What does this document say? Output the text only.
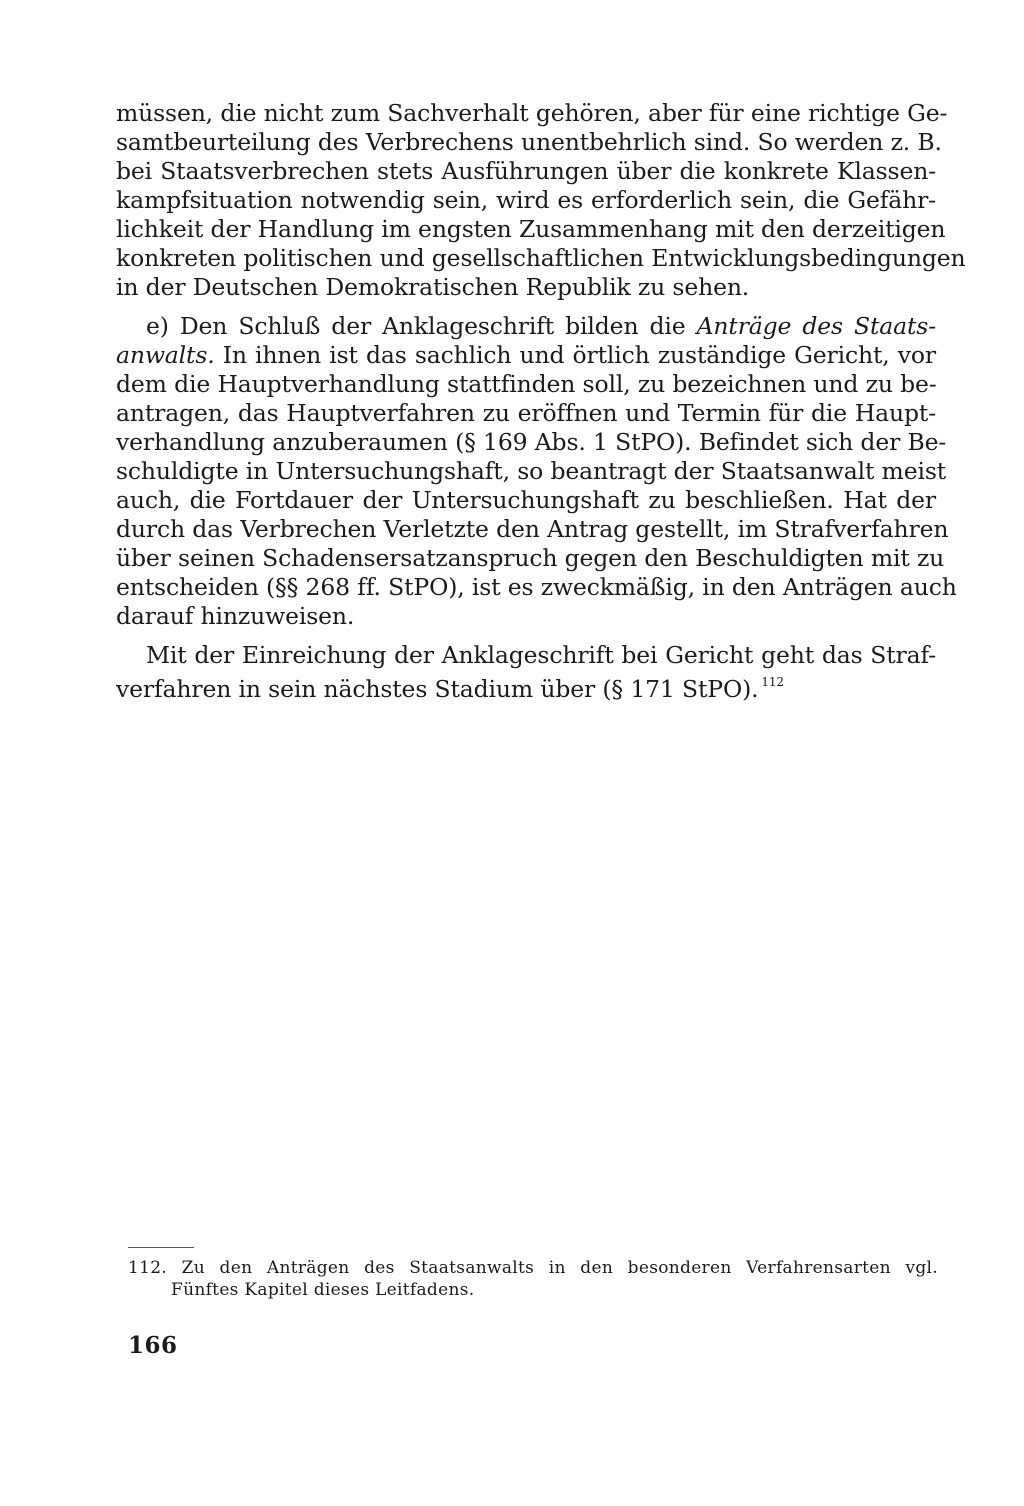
müssen, die nicht zum Sachverhalt gehören, aber für eine richtige Ge-
samtbeurteilung des Verbrechens unentbehrlich sind. So werden z. B.
bei Staatsverbrechen stets Ausführungen über die konkrete Klassen-
kampfsituation notwendig sein, wird es erforderlich sein, die Gefähr-
lichkeit der Handlung im engsten Zusammenhang mit den derzeitigen
konkreten politischen und gesellschaftlichen Entwicklungsbedingungen
in der Deutschen Demokratischen Republik zu sehen.
e) Den Schluß der Anklageschrift bilden die Anträge des Staats-
anwalts. In ihnen ist das sachlich und örtlich zuständige Gericht, vor
dem die Hauptverhandlung stattfinden soll, zu bezeichnen und zu be-
antragen, das Hauptverfahren zu eröffnen und Termin für die Haupt-
verhandlung anzuberaumen (§ 169 Abs. 1 StPO). Befindet sich der Be-
schuldigte in Untersuchungshaft, so beantragt der Staatsanwalt meist
auch, die Fortdauer der Untersuchungshaft zu beschließen. Hat der
durch das Verbrechen Verletzte den Antrag gestellt, im Strafverfahren
über seinen Schadensersatzanspruch gegen den Beschuldigten mit zu
entscheiden (§§ 268 ff. StPO), ist es zweckmäßig, in den Anträgen auch
darauf hinzuweisen.
Mit der Einreichung der Anklageschrift bei Gericht geht das Straf-
verfahren in sein nächstes Stadium über (§ 171 StPO). $^{112}$
112. Zu den Anträgen des Staatsanwalts in den besonderen Verfahrensarten vgl.
Fünftes Kapitel dieses Leitfadens.
166
